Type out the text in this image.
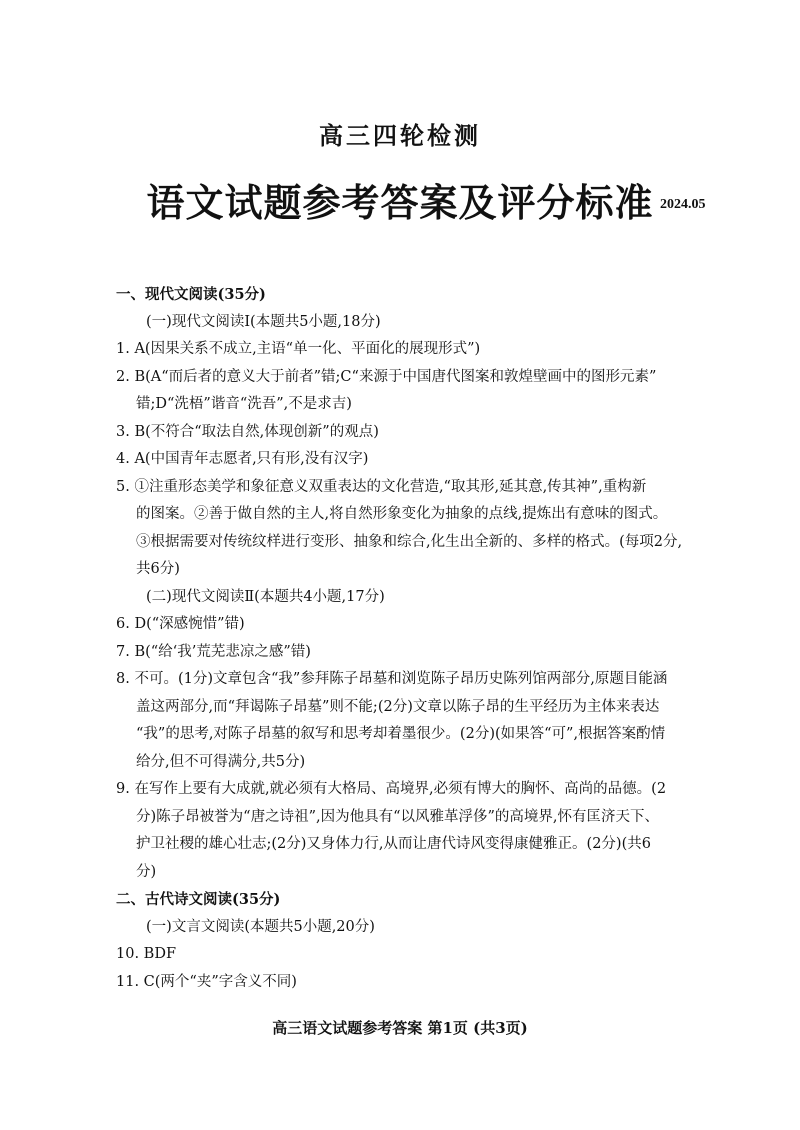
高三四轮检测
语文试题参考答案及评分标准 2024.05
一、现代文阅读(35分)
(一)现代文阅读Ⅰ(本题共5小题,18分)
1. A(因果关系不成立,主语“单一化、平面化的展现形式”)
2. B(A“而后者的意义大于前者”错;C“来源于中国唐代图案和敦煌壁画中的图形元素”
错;D“洗梧”谐音“洗吾”,不是求吉)
3. B(不符合“取法自然,体现创新”的观点)
4. A(中国青年志愿者,只有形,没有汉字)
5. ①注重形态美学和象征意义双重表达的文化营造,“取其形,延其意,传其神”,重构新
的图案。②善于做自然的主人,将自然形象变化为抽象的点线,提炼出有意味的图式。
③根据需要对传统纹样进行变形、抽象和综合,化生出全新的、多样的格式。(每项2分,
共6分)
(二)现代文阅读Ⅱ(本题共4小题,17分)
6. D(“深感惋惜”错)
7. B(“给‘我’荒芜悲凉之感”错)
8. 不可。(1分)文章包含“我”参拜陈子昂墓和浏览陈子昂历史陈列馆两部分,原题目能涵
盖这两部分,而“拜谒陈子昂墓”则不能;(2分)文章以陈子昂的生平经历为主体来表达
“我”的思考,对陈子昂墓的叙写和思考却着墨很少。(2分)(如果答“可”,根据答案酌情
给分,但不可得满分,共5分)
9. 在写作上要有大成就,就必须有大格局、高境界,必须有博大的胸怀、高尚的品德。(2
分)陈子昂被誉为“唐之诗祖”,因为他具有“以风雅革浮侈”的高境界,怀有匡济天下、
护卫社稷的雄心壮志;(2分)又身体力行,从而让唐代诗风变得康健雅正。(2分)(共6
分)
二、古代诗文阅读(35分)
(一)文言文阅读(本题共5小题,20分)
10. BDF
11. C(两个“夹”字含义不同)
高三语文试题参考答案 第1页 (共3页)
